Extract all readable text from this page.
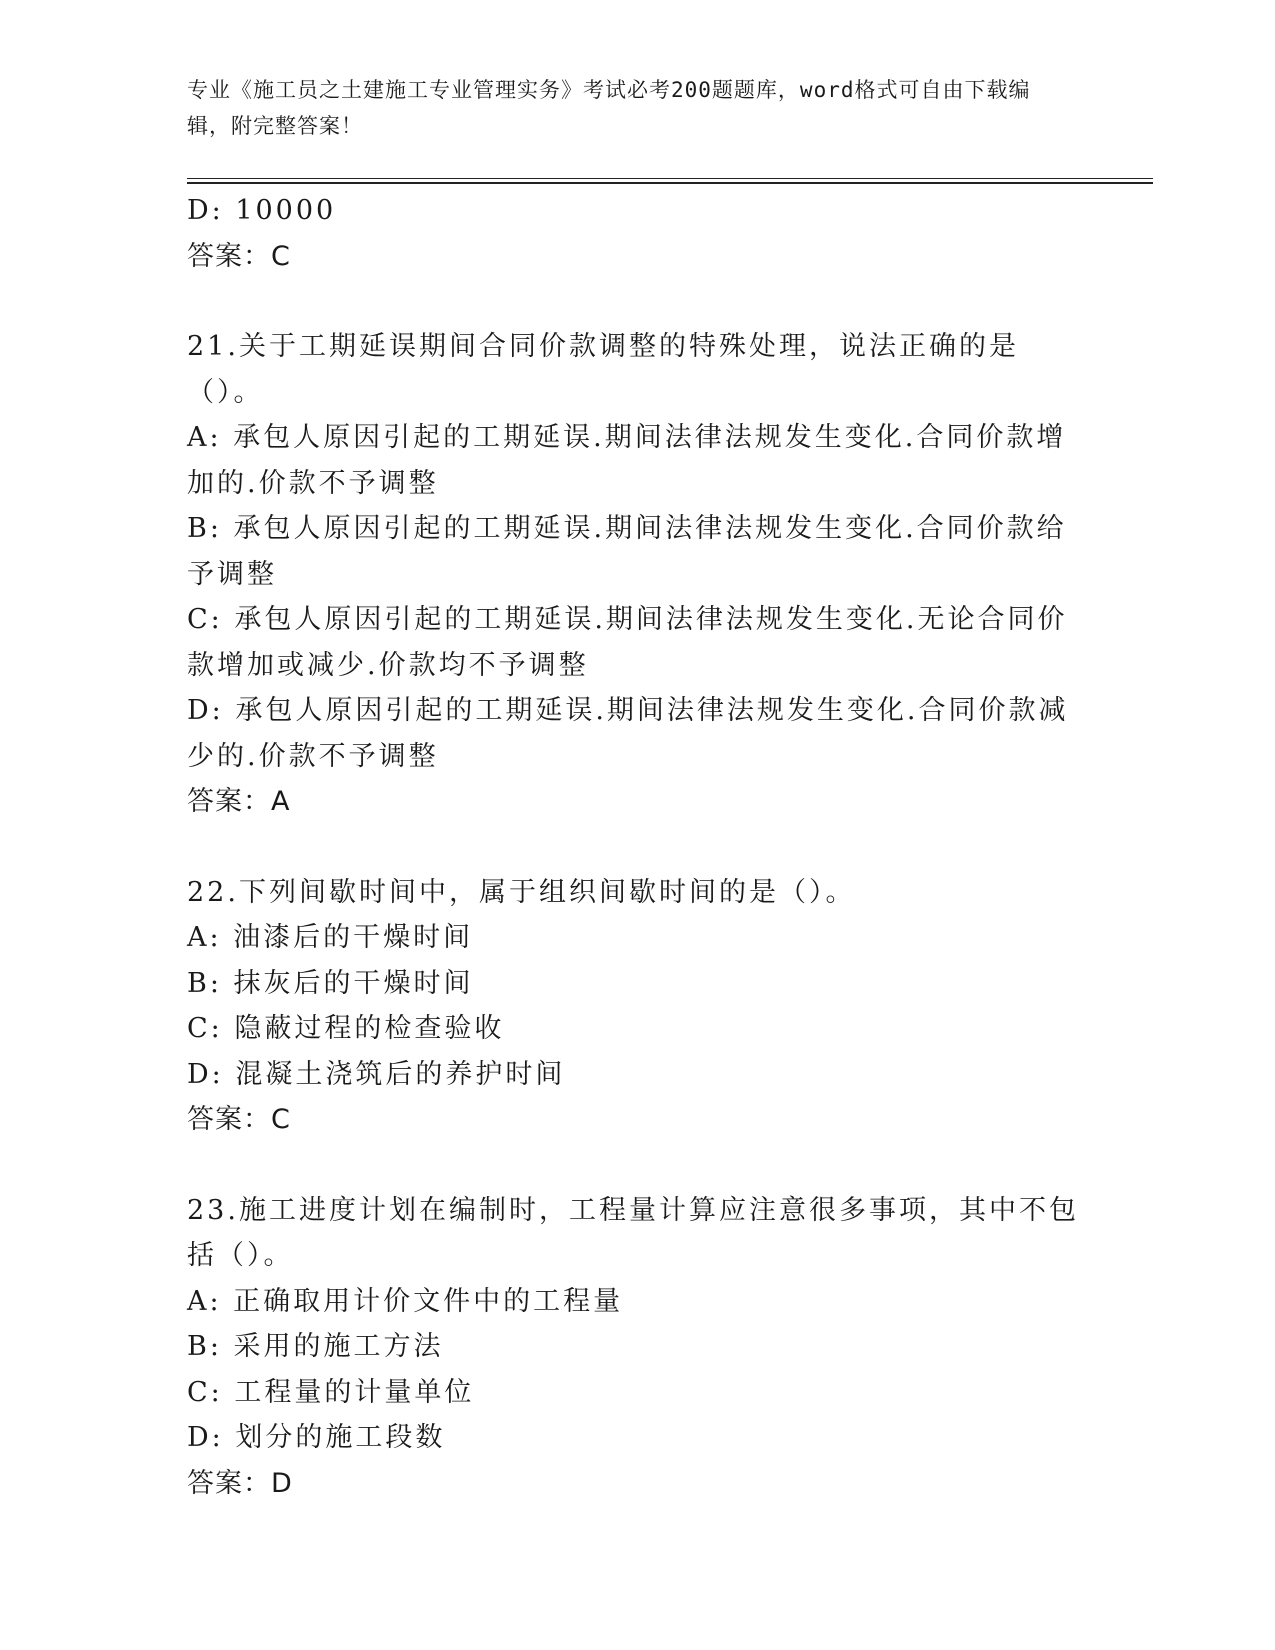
专业《施工员之土建施工专业管理实务》考试必考200题题库，word格式可自由下载编辑，附完整答案！
D: 10000
答案：C
21.关于工期延误期间合同价款调整的特殊处理，说法正确的是（）。
A: 承包人原因引起的工期延误.期间法律法规发生变化.合同价款增加的.价款不予调整
B: 承包人原因引起的工期延误.期间法律法规发生变化.合同价款给予调整
C: 承包人原因引起的工期延误.期间法律法规发生变化.无论合同价款增加或减少.价款均不予调整
D: 承包人原因引起的工期延误.期间法律法规发生变化.合同价款减少的.价款不予调整
答案：A
22.下列间歇时间中，属于组织间歇时间的是（）。
A: 油漆后的干燥时间
B: 抹灰后的干燥时间
C: 隐蔽过程的检查验收
D: 混凝土浇筑后的养护时间
答案：C
23.施工进度计划在编制时，工程量计算应注意很多事项，其中不包括（）。
A: 正确取用计价文件中的工程量
B: 采用的施工方法
C: 工程量的计量单位
D: 划分的施工段数
答案：D
